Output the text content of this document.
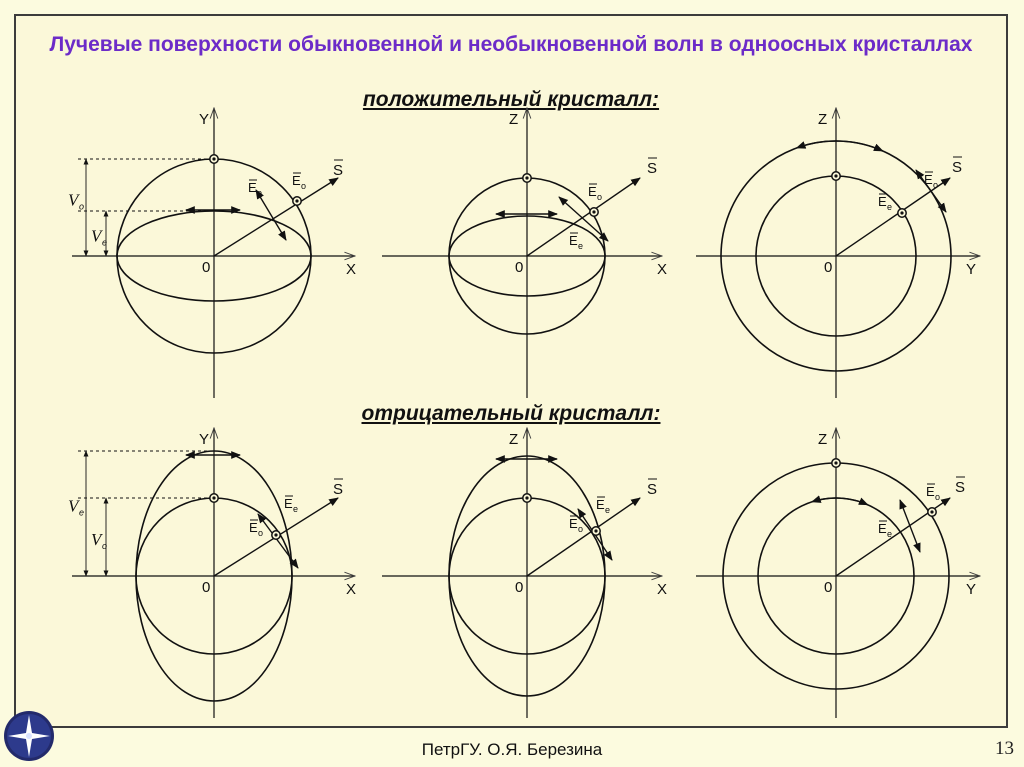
Лучевые поверхности обыкновенной и необыкновенной волн в одноосных кристаллах
положительный кристалл:
отрицательный кристалл:
X
Y
0
S
E o
E e
V o
V e
X
Z
0
S
E o
E e
Y
Z
0
S
E o
E e
X
Y
0
S
E o
E e
V e
V o
X
Z
0
S
E o
E e
Y
Z
0
S
E o
E e
ПетрГУ. О.Я. Березина	13
